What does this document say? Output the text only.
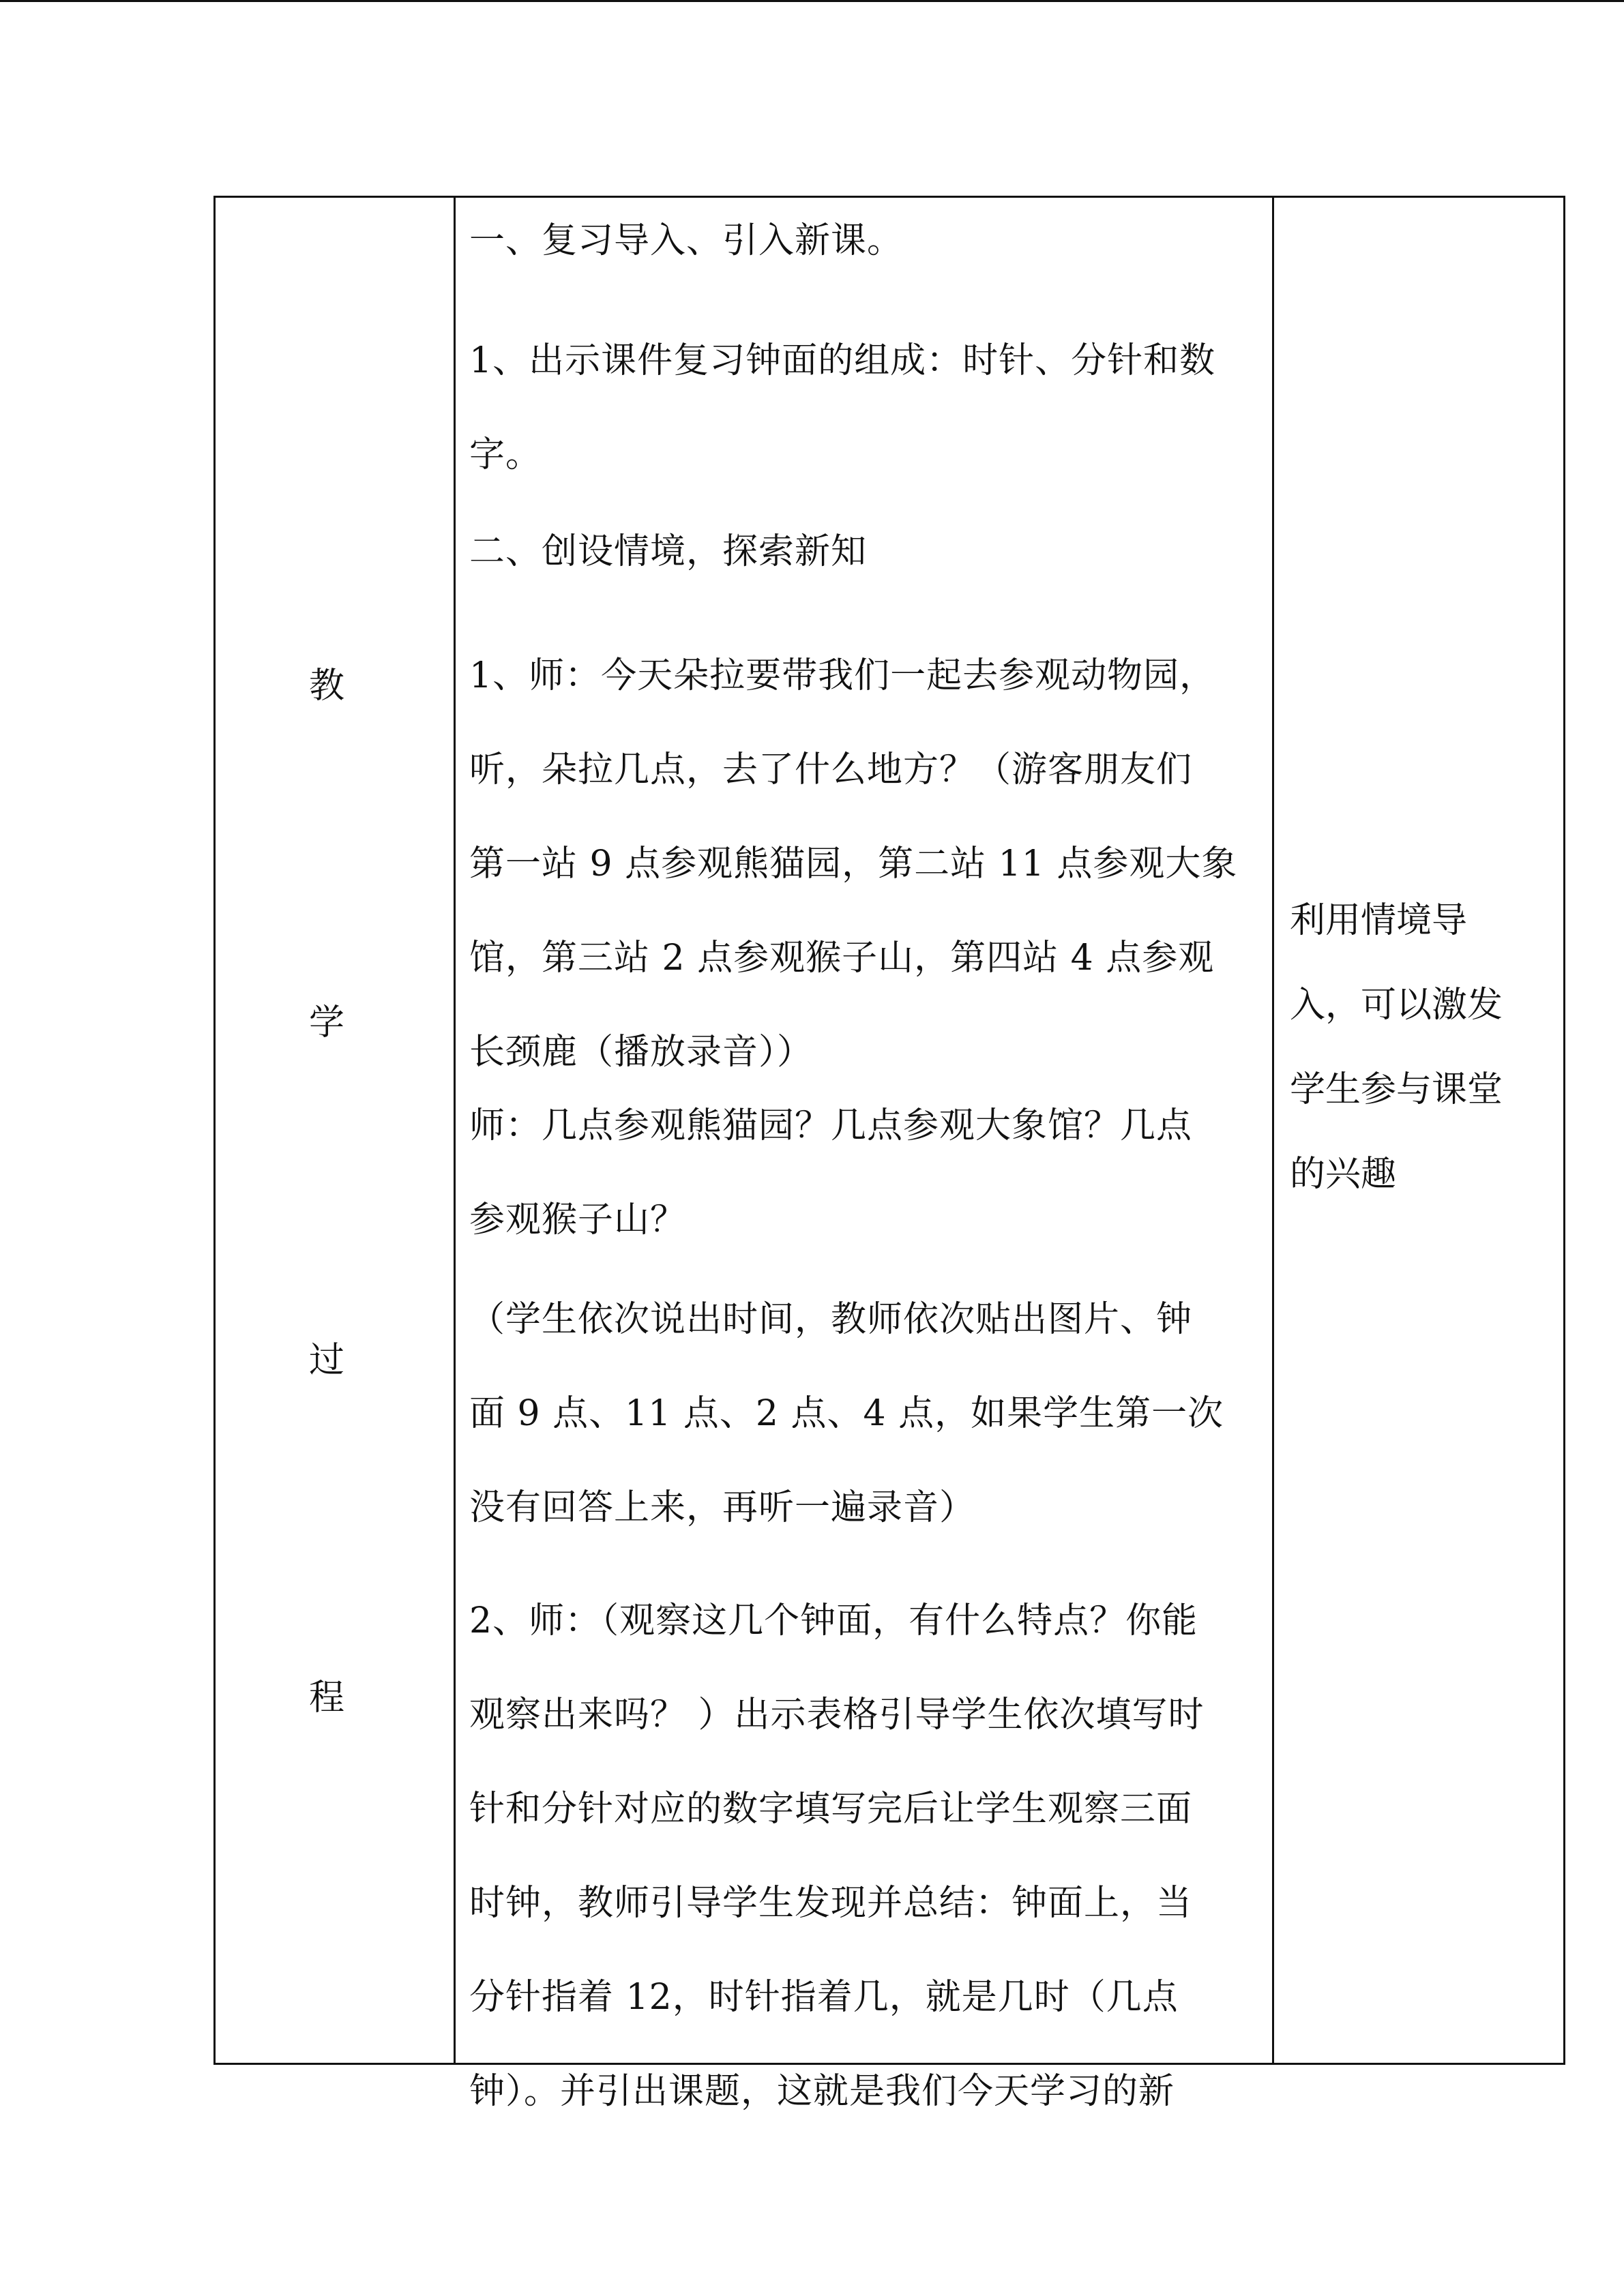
教
学
过
程

一、复习导入、引入新课。

1、出示课件复习钟面的组成：时针、分针和数
字。

二、创设情境，探索新知

1、师：今天朵拉要带我们一起去参观动物园，
听，朵拉几点，去了什么地方？（游客朋友们
第一站 9 点参观熊猫园，第二站 11 点参观大象
馆，第三站 2 点参观猴子山，第四站 4 点参观
长颈鹿（播放录音））

师：几点参观熊猫园？几点参观大象馆？几点
参观猴子山？

（学生依次说出时间，教师依次贴出图片、钟
面 9 点、11 点、2 点、4 点，如果学生第一次
没有回答上来，再听一遍录音）

2、师：（观察这几个钟面，有什么特点？你能
观察出来吗？ ）出示表格引导学生依次填写时
针和分针对应的数字填写完后让学生观察三面
时钟，教师引导学生发现并总结：钟面上，当
分针指着 12，时针指着几，就是几时（几点
钟）。并引出课题，这就是我们今天学习的新

利用情境导
入，可以激发
学生参与课堂
的兴趣
